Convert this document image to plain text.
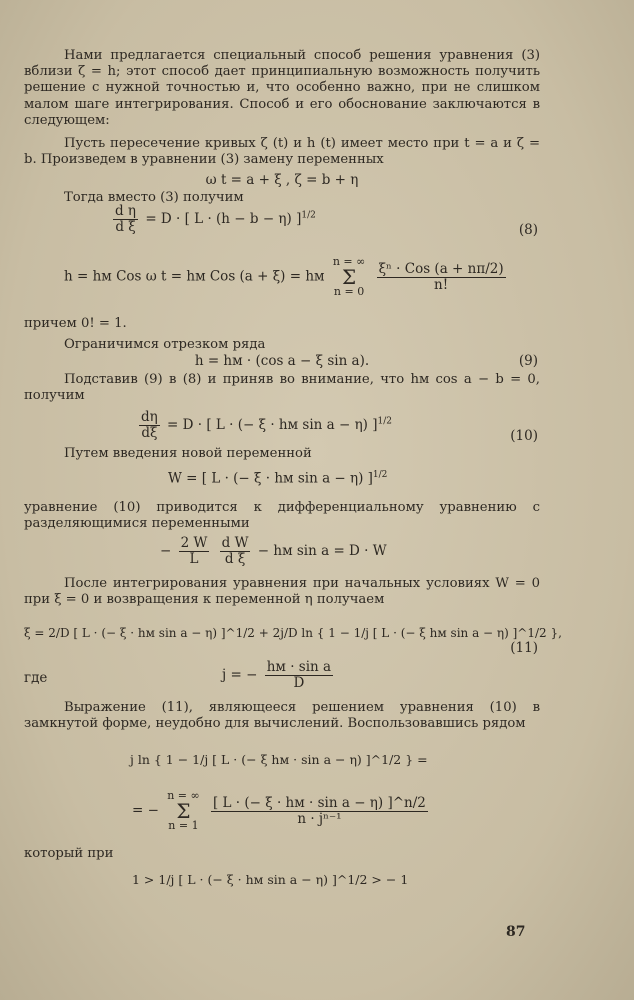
Нами предлагается специальный способ решения уравнения (3) вблизи ζ = h; этот способ дает принципиальную возможность получить решение с нужной точностью и, что особенно важно, при не слишком малом шаге интегрирования. Способ и его обоснование заключаются в следующем:
Пусть пересечение кривых ζ (t) и h (t) имеет место при t = a и ζ = b. Произведем в уравнении (3) замену переменных
ω t = a + ξ , ζ = b + η
Тогда вместо (3) получим
$\frac{\text{d η}}{\text{d ξ}} = D$ · [ L · (h − b − η) ]$^{1/2}$
(8)
h = hм Cos ω t = hм Cos (a + ξ) = hм n = ∞
Σ
$n = 0 \frac{\text{ξⁿ · Cos (a + nπ/2)}}{n!}$
причем 0! = 1.
Ограничимся отрезком ряда
h = hм · (cos a − ξ sin a).	(9)
Подставив (9) в (8) и приняв во внимание, что hм cos a − b = 0, получим
$\frac{d\eta}{d\xi} = D$ · [ L · (− ξ · hм sin a − η) ]$^{1/2}$
(10)
Путем введения новой переменной
W = [ L · (− ξ · hм sin a − η) ]$^{1/2}$
уравнение (10) приводится к дифференциальному уравнению с разделяющимися переменными
− $\frac{2 W}{L}$
$\frac{\text{d W}}{\text{d ξ}}$ − hм sin a = D · W
После интегрирования уравнения при начальных условиях W = 0 при ξ = 0 и возвращения к переменной η получаем
ξ = 2/D [ L · (− ξ · hм sin a − η) ]^1/2 + 2j/D ln { 1 − 1/j [ L · (− ξ hм sin a − η) ]^1/2 },
(11)
где	j = − $\frac{\text{hм · sin a}}{D}$
Выражение (11), являющееся решением уравнения (10) в замкнутой форме, неудобно для вычислений. Воспользовавшись рядом
j ln { 1 − 1/j [ L · (− ξ hм · sin a − η) ]^1/2 } =
= − n = ∞
Σ
$n = 1 \frac{\text{[ L · (− ξ · hм · sin a − η) ]\textasciicircum{}n/2}}{\text{n · jⁿ⁻¹}}$
который при
1 > 1/j [ L · (− ξ · hм sin a − η) ]^1/2 > − 1
87
